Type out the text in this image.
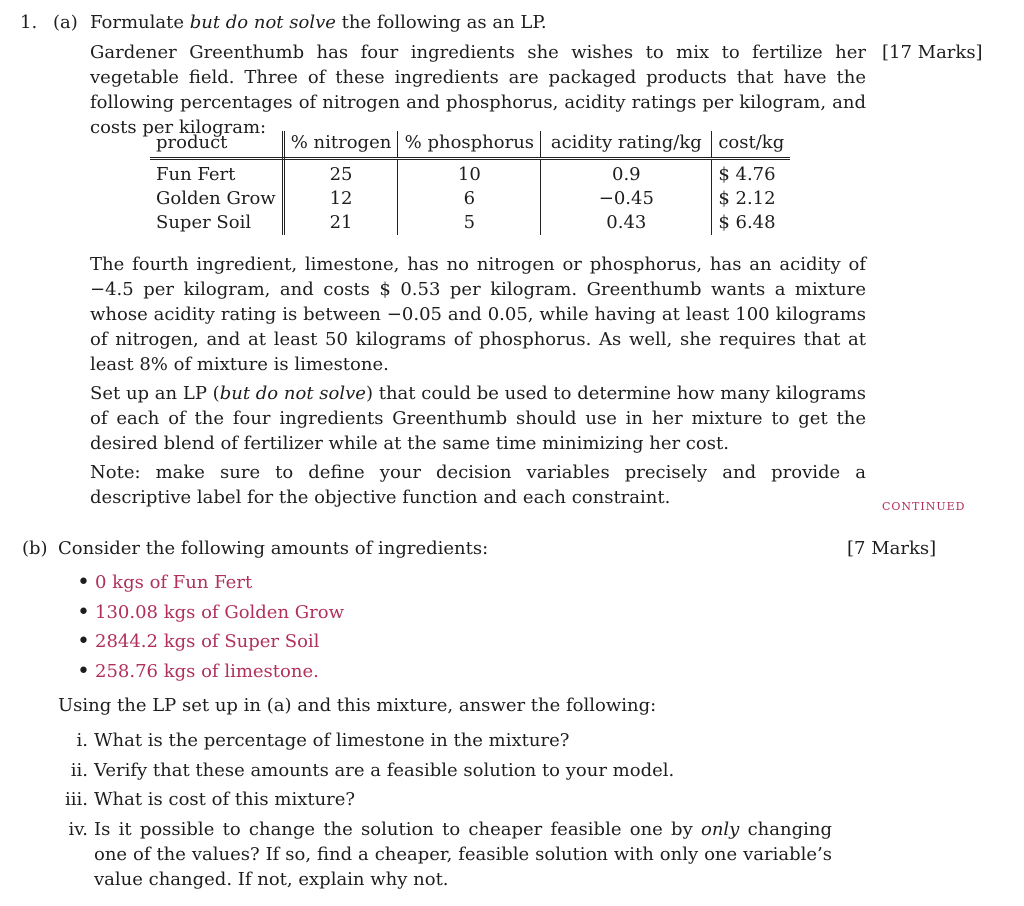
1. (a) Formulate but do not solve the following as an LP.
Gardener Greenthumb has four ingredients she wishes to mix to fertilize her vegetable field. Three of these ingredients are packaged products that have the following percentages of nitrogen and phosphorus, acidity ratings per kilogram, and costs per kilogram:
[17 Marks]
product	% nitrogen	% phosphorus	acidity rating/kg	cost/kg
Fun Fert	25	10	0.9	$ 4.76
Golden Grow	12	6	−0.45	$ 2.12
Super Soil	21	5	0.43	$ 6.48
The fourth ingredient, limestone, has no nitrogen or phosphorus, has an acidity of −4.5 per kilogram, and costs $ 0.53 per kilogram. Greenthumb wants a mixture whose acidity rating is between −0.05 and 0.05, while having at least 100 kilograms of nitrogen, and at least 50 kilograms of phosphorus. As well, she requires that at least 8% of mixture is limestone.
Set up an LP (but do not solve) that could be used to determine how many kilograms of each of the four ingredients Greenthumb should use in her mixture to get the desired blend of fertilizer while at the same time minimizing her cost.
Note: make sure to define your decision variables precisely and provide a descriptive label for the objective function and each constraint.	CONTINUED
(b) Consider the following amounts of ingredients:	[7 Marks]
• 0 kgs of Fun Fert
• 130.08 kgs of Golden Grow
• 2844.2 kgs of Super Soil
• 258.76 kgs of limestone.
Using the LP set up in (a) and this mixture, answer the following:
i. What is the percentage of limestone in the mixture?
ii. Verify that these amounts are a feasible solution to your model.
iii. What is cost of this mixture?
iv. Is it possible to change the solution to cheaper feasible one by only changing one of the values? If so, find a cheaper, feasible solution with only one variable’s value changed. If not, explain why not.
